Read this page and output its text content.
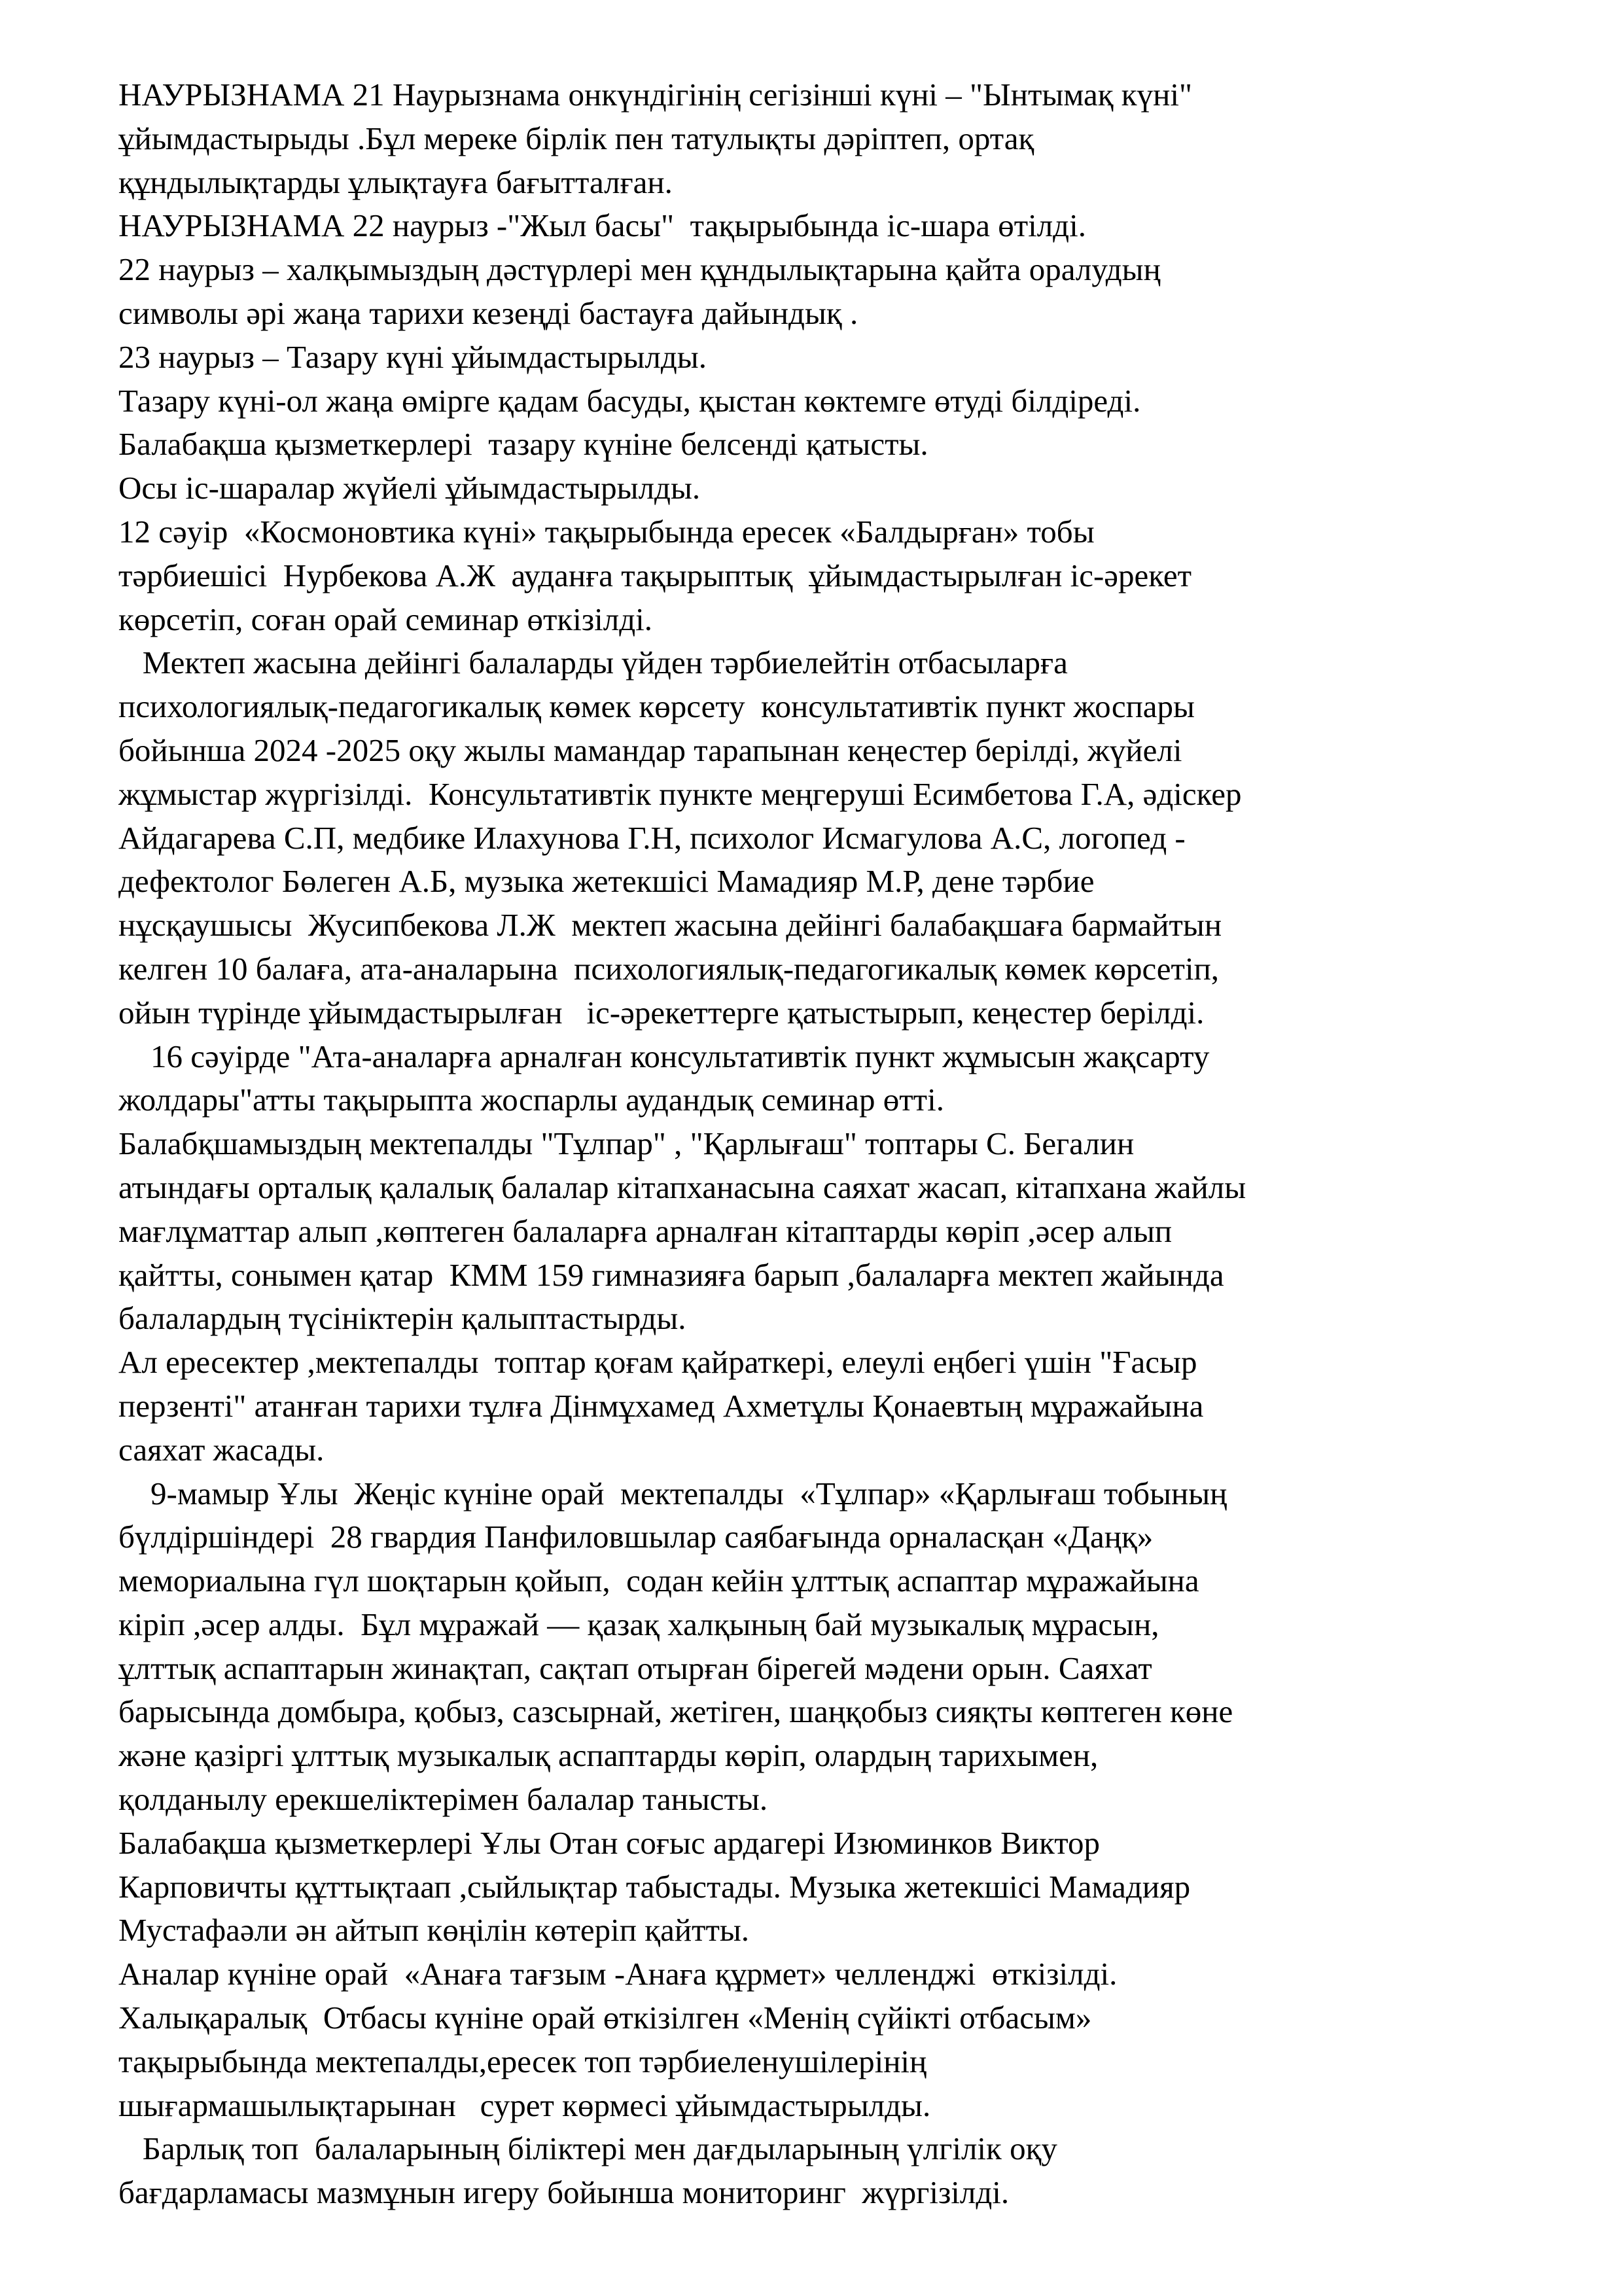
НАУРЫЗНАМА 21 Наурызнама онкүндігінің сегізінші күні – "Ынтымақ күні"
ұйымдастырыды .Бұл мереке бірлік пен татулықты дәріптеп, ортақ
құндылықтарды ұлықтауға бағытталған.
НАУРЫЗНАМА 22 наурыз -"Жыл басы"  тақырыбында іс-шара өтілді.
22 наурыз – халқымыздың дәстүрлері мен құндылықтарына қайта оралудың
символы әрі жаңа тарихи кезеңді бастауға дайындық .
23 наурыз – Тазару күні ұйымдастырылды.
Тазару күні-ол жаңа өмірге қадам басуды, қыстан көктемге өтуді білдіреді.
Балабақша қызметкерлері  тазару күніне белсенді қатысты.
Осы іс-шаралар жүйелі ұйымдастырылды.
12 сәуір  «Космоновтика күні» тақырыбында ересек «Балдырған» тобы
тәрбиешісі  Нурбекова А.Ж  ауданға тақырыптық  ұйымдастырылған іс-әрекет
көрсетіп, соған орай семинар өткізілді.
Мектеп жасына дейінгі балаларды үйден тәрбиелейтін отбасыларға
психологиялық-педагогикалық көмек көрсету  консультативтік пункт жоспары
бойынша 2024 -2025 оқу жылы мамандар тарапынан кеңестер берілді, жүйелі
жұмыстар жүргізілді.  Консультативтік пункте меңгеруші Есимбетова Г.А, әдіскер
Айдагарева С.П, медбике Илахунова Г.Н, психолог Исмагулова А.С, логопед -
дефектолог Бөлеген А.Б, музыка жетекшісі Мамадияр М.Р, дене тәрбие
нұсқаушысы  Жусипбекова Л.Ж  мектеп жасына дейінгі балабақшаға бармайтын
келген 10 балаға, ата-аналарына  психологиялық-педагогикалық көмек көрсетіп,
ойын түрінде ұйымдастырылған   іс-әрекеттерге қатыстырып, кеңестер берілді.
16 сәуірде "Ата-аналарға арналған консультативтік пункт жұмысын жақсарту
жолдары"атты тақырыпта жоспарлы аудандық семинар өтті.
Балабқшамыздың мектепалды "Тұлпар" , "Қарлығаш" топтары С. Бегалин
атындағы орталық қалалық балалар кітапханасына саяхат жасап, кітапхана жайлы
мағлұматтар алып ,көптеген балаларға арналған кітаптарды көріп ,әсер алып
қайтты, сонымен қатар  КММ 159 гимназияға барып ,балаларға мектеп жайында
балалардың түсініктерін қалыптастырды.
Ал ересектер ,мектепалды  топтар қоғам қайраткері, елеулі еңбегі үшін "Ғасыр
перзенті" атанған тарихи тұлға Дінмұхамед Ахметұлы Қонаевтың мұражайына
саяхат жасады.
9-мамыр Ұлы  Жеңіс күніне орай  мектепалды  «Тұлпар» «Қарлығаш тобының
бүлдіршіндері  28 гвардия Панфиловшылар саябағында орналасқан «Даңқ»
мемориалына гүл шоқтарын қойып,  содан кейін ұлттық аспаптар мұражайына
кіріп ,әсер алды.  Бұл мұражай — қазақ халқының бай музыкалық мұрасын,
ұлттық аспаптарын жинақтап, сақтап отырған бірегей мәдени орын. Саяхат
барысында домбыра, қобыз, сазсырнай, жетіген, шаңқобыз сияқты көптеген көне
және қазіргі ұлттық музыкалық аспаптарды көріп, олардың тарихымен,
қолданылу ерекшеліктерімен балалар танысты.
Балабақша қызметкерлері Ұлы Отан соғыс ардагері Изюминков Виктор
Карповичты құттықтаап ,сыйлықтар табыстады. Музыка жетекшісі Мамадияр
Мустафаәли ән айтып көңілін көтеріп қайтты.
Аналар күніне орай  «Анаға тағзым -Анаға құрмет» челленджі  өткізілді.
Халықаралық  Отбасы күніне орай өткізілген «Менің сүйікті отбасым»
тақырыбында мектепалды,ересек топ тәрбиеленушілерінің
шығармашылықтарынан   сурет көрмесі ұйымдастырылды.
Барлық топ  балаларының біліктері мен дағдыларының үлгілік оқу
бағдарламасы мазмұнын игеру бойынша мониторинг  жүргізілді.
